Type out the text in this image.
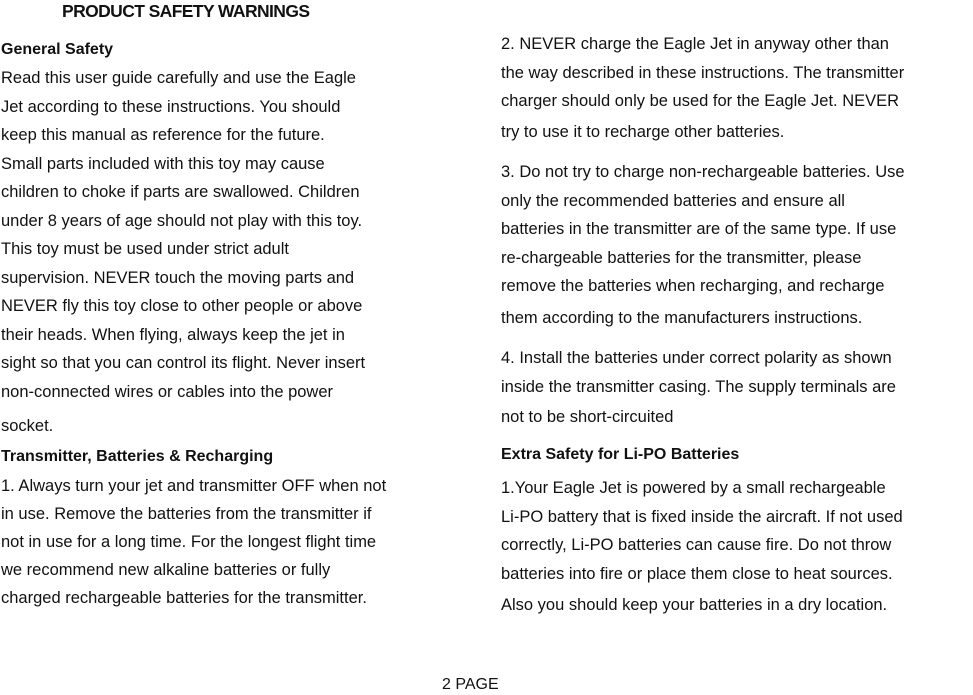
PRODUCT SAFETY WARNINGS
General Safety
Read this user guide carefully and use the Eagle
Jet according to these instructions. You should
keep this manual as reference for the future.
Small parts included with this toy may cause
children to choke if parts are swallowed. Children
under 8 years of age should not play with this toy.
This toy must be used under strict adult
supervision. NEVER touch the moving parts and
NEVER fly this toy close to other people or above
their heads. When flying, always keep the jet in
sight so that you can control its flight. Never insert
non-connected wires or cables into the power
socket.
Transmitter, Batteries & Recharging
1. Always turn your jet and transmitter OFF when not
in use. Remove the batteries from the transmitter if
not in use for a long time. For the longest flight time
we recommend new alkaline batteries or fully
charged rechargeable batteries for the transmitter.
2. NEVER charge the Eagle Jet in anyway other than
the way described in these instructions. The transmitter
charger should only be used for the Eagle Jet. NEVER
try to use it to recharge other batteries.
3. Do not try to charge non-rechargeable batteries. Use
only the recommended batteries and ensure all
batteries in the transmitter are of the same type. If use
re-chargeable batteries for the transmitter, please
remove the batteries when recharging, and recharge
them according to the manufacturers instructions.
4. Install the batteries under correct polarity as shown
inside the transmitter casing. The supply terminals are
not to be short-circuited
Extra Safety for Li-PO Batteries
1.Your Eagle Jet is powered by a small rechargeable
Li-PO battery that is fixed inside the aircraft. If not used
correctly, Li-PO batteries can cause fire. Do not throw
batteries into fire or place them close to heat sources.
Also you should keep your batteries in a dry location.
2 PAGE
